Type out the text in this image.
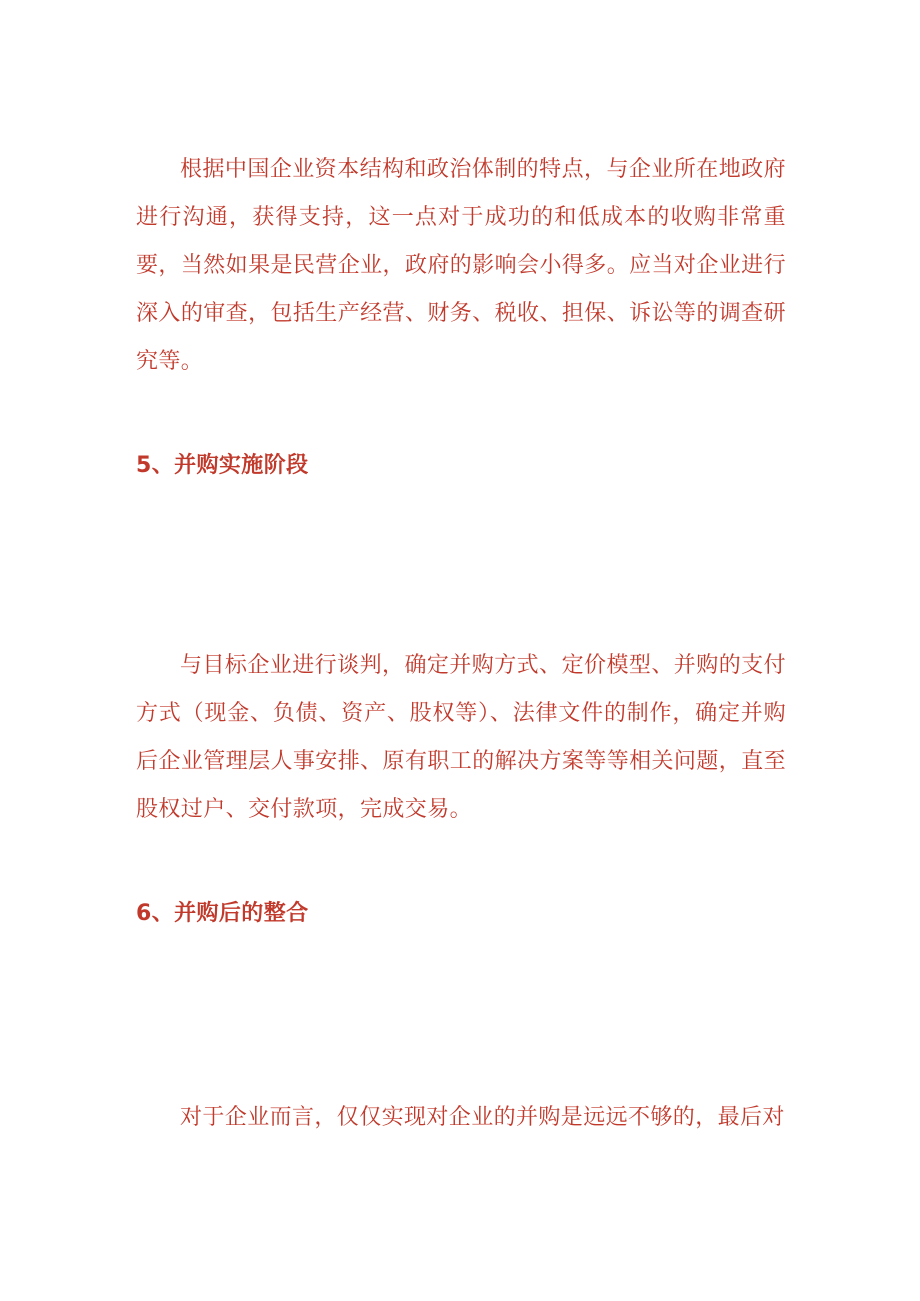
根据中国企业资本结构和政治体制的特点，与企业所在地政府进行沟通，获得支持，这一点对于成功的和低成本的收购非常重要，当然如果是民营企业，政府的影响会小得多。应当对企业进行深入的审查，包括生产经营、财务、税收、担保、诉讼等的调查研究等。

5、并购实施阶段

与目标企业进行谈判，确定并购方式、定价模型、并购的支付方式（现金、负债、资产、股权等）、法律文件的制作，确定并购后企业管理层人事安排、原有职工的解决方案等等相关问题，直至股权过户、交付款项，完成交易。

6、并购后的整合

对于企业而言，仅仅实现对企业的并购是远远不够的，最后对
